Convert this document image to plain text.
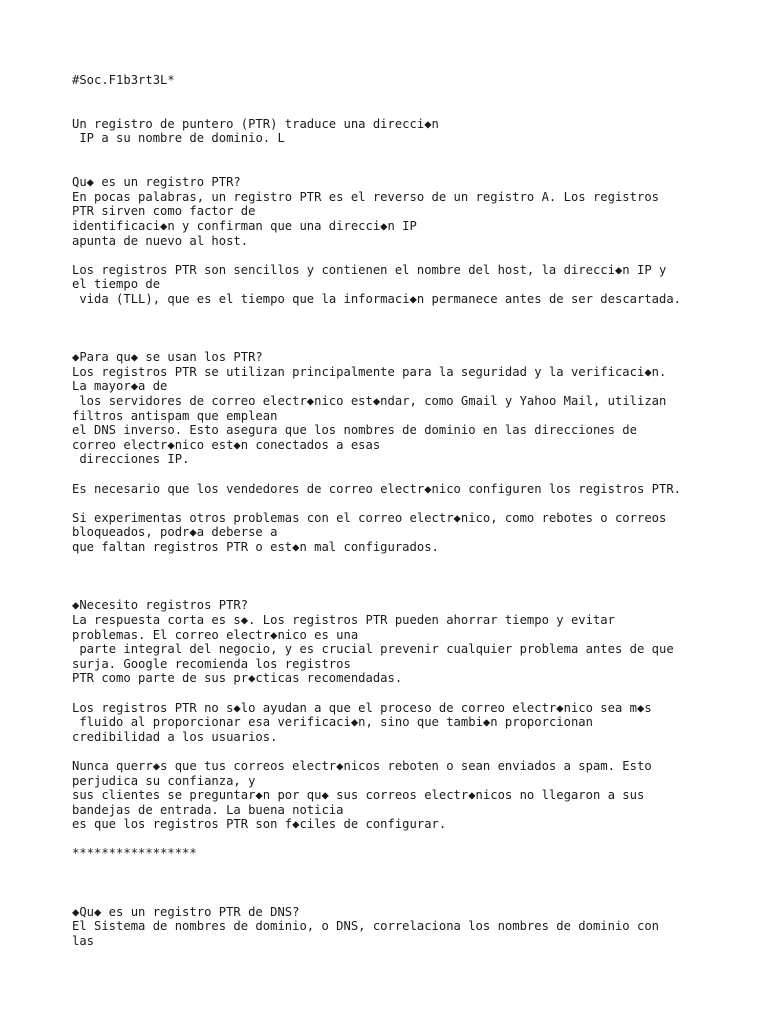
#Soc.F1b3rt3L*
Un registro de puntero (PTR) traduce una direcci◆n
IP a su nombre de dominio. L
Qu◆ es un registro PTR?
En pocas palabras, un registro PTR es el reverso de un registro A. Los registros
PTR sirven como factor de
identificaci◆n y confirman que una direcci◆n IP
apunta de nuevo al host.
Los registros PTR son sencillos y contienen el nombre del host, la direcci◆n IP y
el tiempo de
vida (TLL), que es el tiempo que la informaci◆n permanece antes de ser descartada.
◆Para qu◆ se usan los PTR?
Los registros PTR se utilizan principalmente para la seguridad y la verificaci◆n.
La mayor◆a de
los servidores de correo electr◆nico est◆ndar, como Gmail y Yahoo Mail, utilizan
filtros antispam que emplean
el DNS inverso. Esto asegura que los nombres de dominio en las direcciones de
correo electr◆nico est◆n conectados a esas
direcciones IP.
Es necesario que los vendedores de correo electr◆nico configuren los registros PTR.
Si experimentas otros problemas con el correo electr◆nico, como rebotes o correos
bloqueados, podr◆a deberse a
que faltan registros PTR o est◆n mal configurados.
◆Necesito registros PTR?
La respuesta corta es s◆. Los registros PTR pueden ahorrar tiempo y evitar
problemas. El correo electr◆nico es una
parte integral del negocio, y es crucial prevenir cualquier problema antes de que
surja. Google recomienda los registros
PTR como parte de sus pr◆cticas recomendadas.
Los registros PTR no s◆lo ayudan a que el proceso de correo electr◆nico sea m◆s
fluido al proporcionar esa verificaci◆n, sino que tambi◆n proporcionan
credibilidad a los usuarios.
Nunca querr◆s que tus correos electr◆nicos reboten o sean enviados a spam. Esto
perjudica su confianza, y
sus clientes se preguntar◆n por qu◆ sus correos electr◆nicos no llegaron a sus
bandejas de entrada. La buena noticia
es que los registros PTR son f◆ciles de configurar.
*****************
◆Qu◆ es un registro PTR de DNS?
El Sistema de nombres de dominio, o DNS, correlaciona los nombres de dominio con
las
